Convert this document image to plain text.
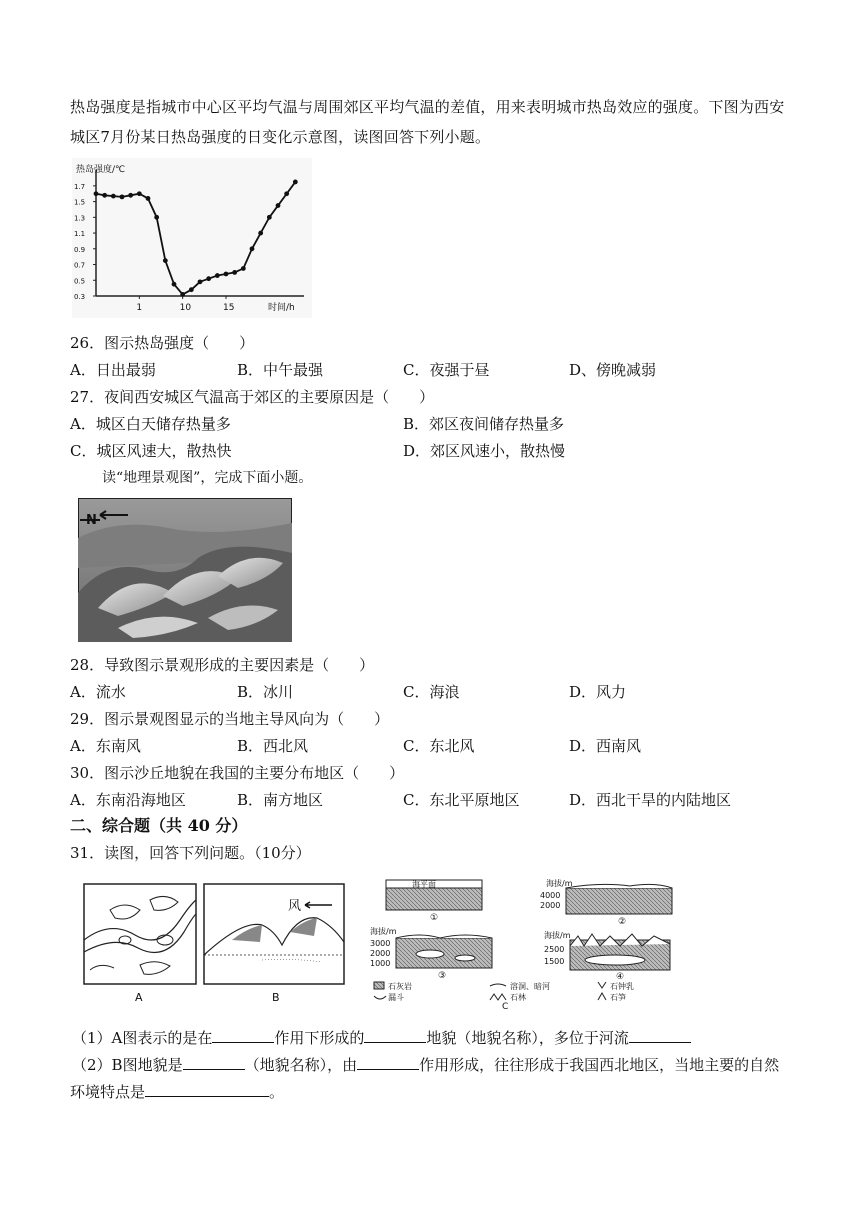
热岛强度是指城市中心区平均气温与周围郊区平均气温的差值，用来表明城市热岛效应的强度。下图为西安城区7月份某日热岛强度的日变化示意图，读图回答下列小题。
热岛强度/℃
时间/h
1.7
1.5
1.3
1.1
0.9
0.7
0.5
0.3
1	10	15
26．图示热岛强度（　　）
A．日出最弱	B．中午最强	C．夜强于昼	D、傍晚减弱
27．夜间西安城区气温高于郊区的主要原因是（　　）
A．城区白天储存热量多	B．郊区夜间储存热量多
C．城区风速大，散热快	D．郊区风速小，散热慢
读“地理景观图”，完成下面小题。
N
28．导致图示景观形成的主要因素是（　　）
A．流水	B．冰川	C．海浪	D．风力
29．图示景观图显示的当地主导风向为（　　）
A．东南风	B．西北风	C．东北风	D．西南风
30．图示沙丘地貌在我国的主要分布地区（　　）
A．东南沿海地区	B．南方地区	C．东北平原地区	D．西北干旱的内陆地区
二、综合题（共 40 分）
31．读图，回答下列问题。（10分）
A
风
B
海平面
①
海拔/m
4000
2000
②
海拔/m
3000
2000
1000
③
海拔/m
2500
1500
④
石灰岩	溶洞、暗河	石钟乳
漏斗	石林	石笋
C
（1）A图表示的是在	作用下形成的	地貌（地貌名称），多位于河流
（2）B图地貌是	（地貌名称），由	作用形成，往往形成于我国西北地区，当地主要的自然
环境特点是	。
